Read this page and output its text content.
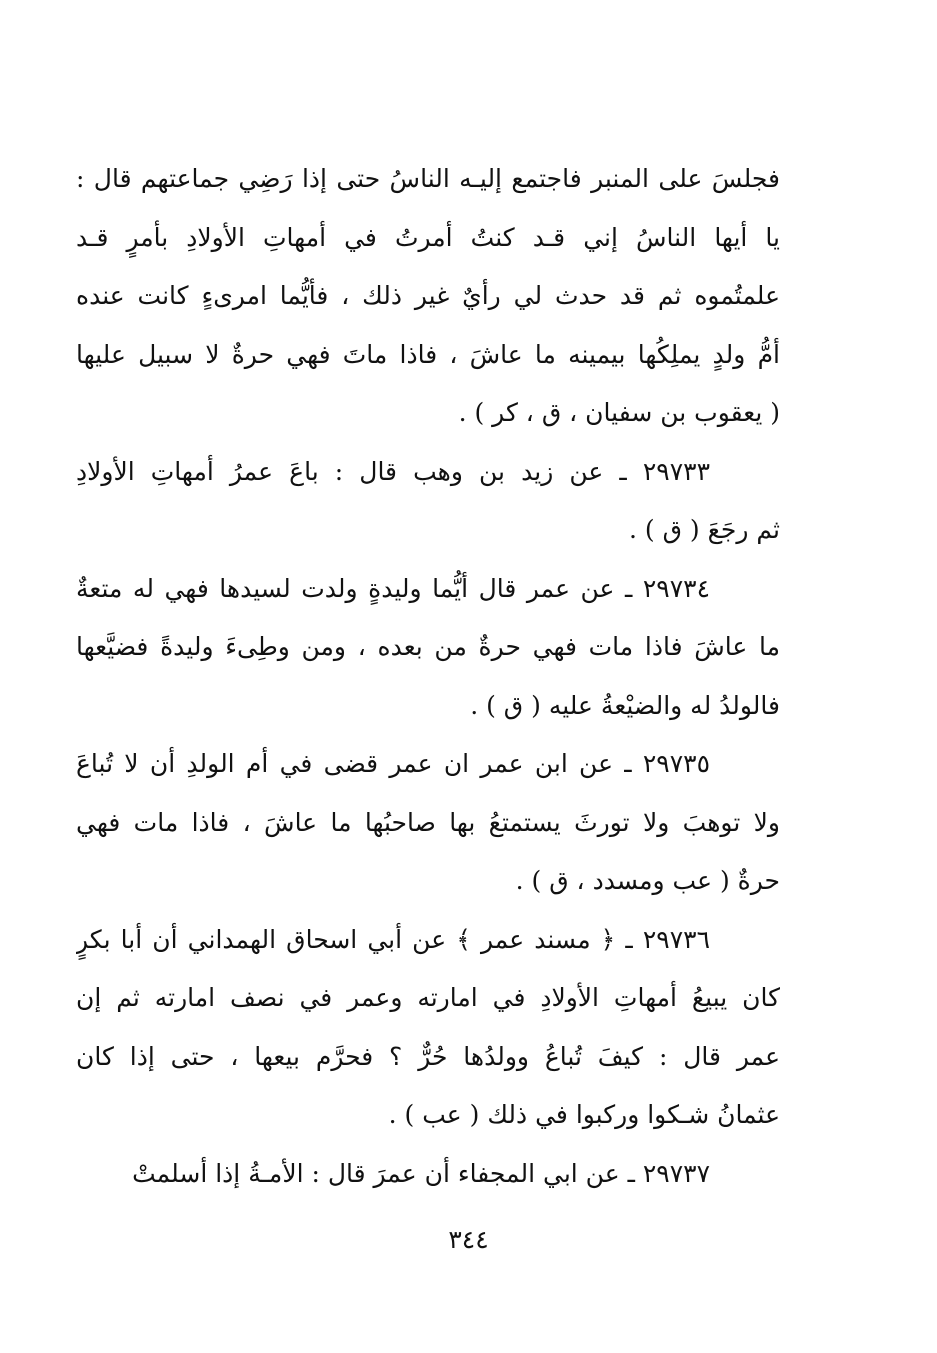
فجلسَ على المنبر فاجتمع إليـه الناسُ حتى إذا رَضِي جماعتهم قال :
يا أيها الناسُ إني قـد كنتُ أمرتُ في أمهاتِ الأولادِ بأمرٍ قـد
علمتُموه ثم قد حدث لي رأيٌ غير ذلك ، فأيُّما امرىءٍ كانت عنده
أمُّ ولدٍ يملِكُها بيمينه ما عاشَ ، فاذا ماتَ فهي حرةٌ لا سبيل عليها
( يعقوب بن سفيان ، ق ، كر ) .
٢٩٧٣٣ ـ عن زيد بن وهب قال : باعَ عمرُ أمهاتِ الأولادِ
ثم رجَعَ ( ق ) .
٢٩٧٣٤ ـ عن عمر قال أيُّما وليدةٍ ولدت لسيدها فهي له متعةٌ
ما عاشَ فاذا مات فهي حرةٌ من بعده ، ومن وطِىءَ وليدةً فضيَّعها
فالولدُ له والضيْعةُ عليه ( ق ) .
٢٩٧٣٥ ـ عن ابن عمر ان عمر قضى في أم الولدِ أن لا تُباعَ
ولا توهبَ ولا تورثَ يستمتعُ بها صاحبُها ما عاشَ ، فاذا مات فهي
حرةٌ ( عب ومسدد ، ق ) .
٢٩٧٣٦ ـ ﴿ مسند عمر ﴾ عن أبي اسحاق الهمداني أن أبا بكرٍ
كان يبيعُ أمهاتِ الأولادِ في امارته وعمر في نصف امارته ثم إن
عمر قال : كيفَ تُباعُ وولدُها حُرٌّ ؟ فحرَّم بيعها ، حتى إذا كان
عثمانُ شـكوا وركبوا في ذلك ( عب ) .
٢٩٧٣٧ ـ عن ابي المجفاء أن عمرَ قال : الأمـةُ إذا أسلمتْ
٣٤٤
